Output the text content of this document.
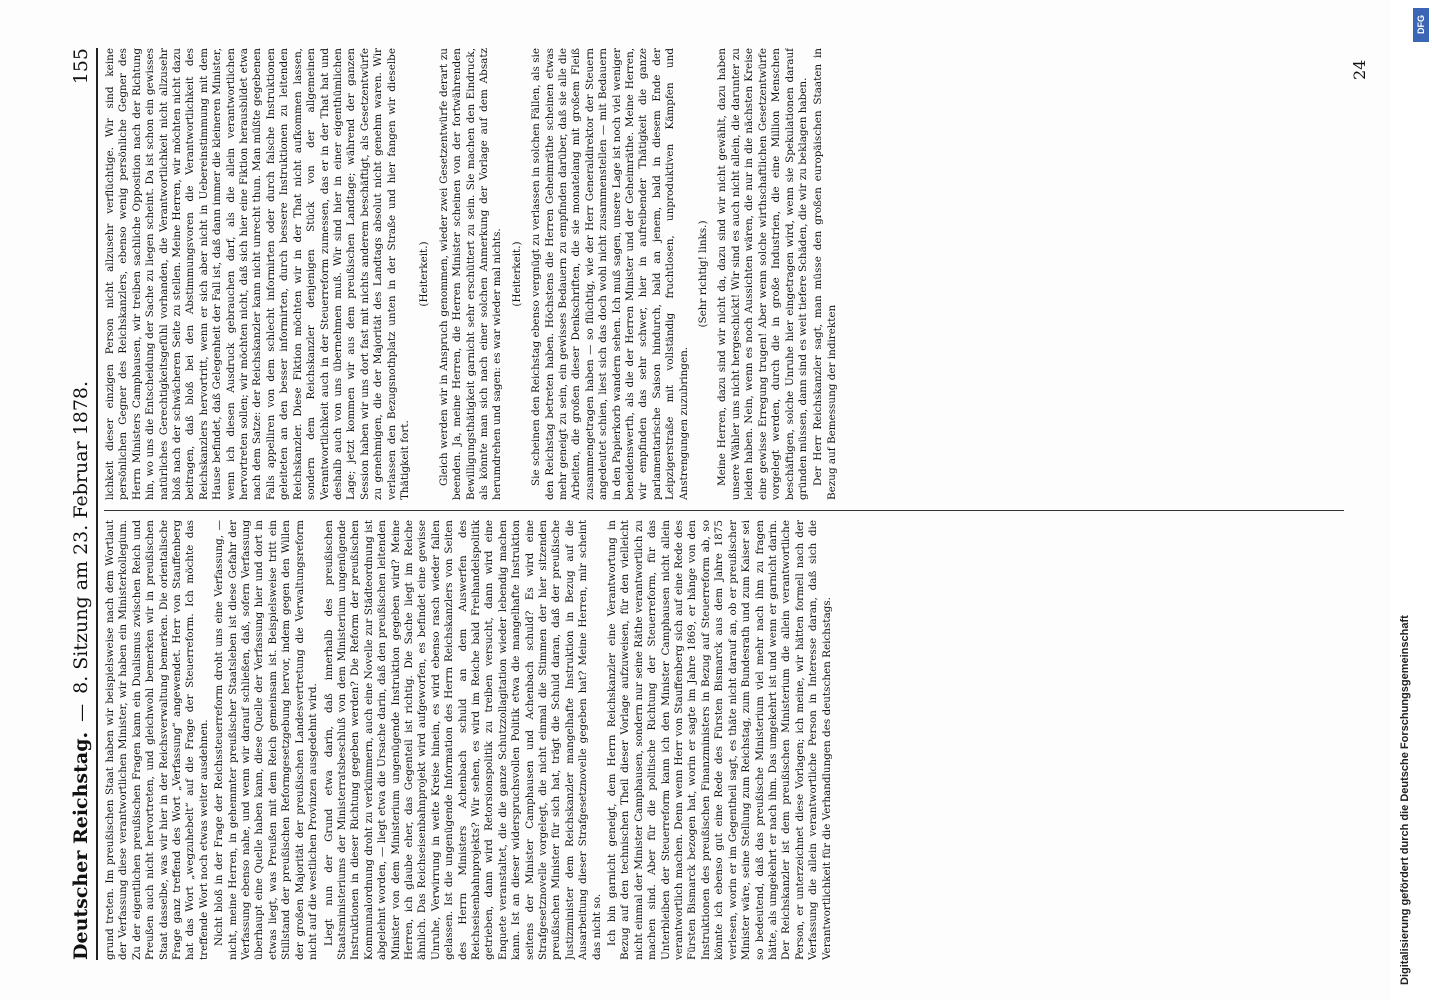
Deutscher Reichstag.
—
8. Sitzung am 23. Februar 1878.
155

grund treten. Im preußischen Staat haben wir beispielsweise nach dem Wortlaut der Verfassung diese verantwortlichen Minister, wir haben ein Ministerkollegium. Zu der eigentlichen preußischen Fragen kann ein Dualismus zwischen Reich und Preußen auch nicht hervortreten, und gleichwohl bemerken wir in preußischen Staat dasselbe, was wir hier in der Reichsverwaltung bemerken. Die orientalische Frage ganz treffend des Wort „Verfassung“ angewendet. Herr von Stauffenberg hat das Wort „wegzuhebelt“ auf die Frage der Steuerreform. Ich möchte das treffende Wort noch etwas weiter ausdehnen. Nicht bloß in der Frage der Reichssteuerreform droht uns eine Verfassung, — nicht, meine Herren, in gehemmter preußischer Staatsleben ist diese Gefahr der Verfassung ebenso nahe, und wenn wir darauf schließen, daß, sofern Verfassung überhaupt eine Quelle haben kann, diese Quelle der Verfassung hier und dort in etwas liegt, was Preußen mit dem Reich gemeinsam ist. Beispielsweise tritt ein Stillstand der preußischen Reformgesetzgebung hervor, indem gegen den Willen der großen Majorität der preußischen Landesvertretung die Verwaltungsreform nicht auf die westlichen Provinzen ausgedehnt wird. Liegt nun der Grund etwa darin, daß innerhalb des preußischen Staatsministeriums der Ministerratsbeschluß von dem Ministerium ungenügende Instruktionen in dieser Richtung gegeben werden? Die Reform der preußischen Kommunalordnung droht zu verkümmern, auch eine Novelle zur Städteordnung ist abgelehnt worden, — liegt etwa die Ursache darin, daß den preußischen leitenden Minister von dem Ministerium ungenügende Instruktion gegeben wird? Meine Herren, ich glaube eher, das Gegenteil ist richtig. Die Sache liegt im Reiche ähnlich. Das Reichseisenbahnprojekt wird aufgeworfen, es befindet eine gewisse Unruhe, Verwirrung in weite Kreise hinein, es wird ebenso rasch wieder fallen gelassen. Ist die ungenügende Information des Herrn Reichskanzlers von Seiten des Herrn Ministers Achenbach schuld an dem Auswerfen des Reichseisenbahnprojekts? Wir sehen, es wird im Reiche bald Freihandelspolitik getrieben, dann wird Retorsionspolitik zu treiben versucht, dann wird eine Enquete veranstaltet, die die ganze Schutzzollagitation wieder lebendig machen kann. Ist an dieser widerspruchsvollen Politik etwa die mangelhafte Instruktion seitens der Minister Camphausen und Achenbach schuld? Es wird eine Strafgesetznovelle vorgelegt, die nicht einmal die Stimmen der hier sitzenden preußischen Minister für sich hat, trägt die Schuld daran, daß der preußische Justizminister dem Reichskanzler mangelhafte Instruktion in Bezug auf die Ausarbeitung dieser Strafgesetznovelle gegeben hat? Meine Herren, mir scheint das nicht so. Ich bin garnicht geneigt, dem Herrn Reichskanzler eine Verantwortung in Bezug auf den technischen Theil dieser Vorlage aufzuweisen, für den vielleicht nicht einmal der Minister Camphausen, sondern nur seine Räthe verantwortlich zu machen sind. Aber für die politische Richtung der Steuerreform, für das Unterbleiben der Steuerreform kann ich den Minister Camphausen nicht allein verantwortlich machen. Denn wenn Herr von Stauffenberg sich auf eine Rede des Fürsten Bismarck bezogen hat, worin er sagte im Jahre 1869, er hänge von den Instruktionen des preußischen Finanzministers in Bezug auf Steuerreform ab, so könnte ich ebenso gut eine Rede des Fürsten Bismarck aus dem Jahre 1875 verlesen, worin er im Gegentheil sagt, es thäte nicht darauf an, ob er preußischer Minister wäre, seine Stellung zum Reichstag, zum Bundesrath und zum Kaiser sei so bedeutend, daß das preußische Ministerium viel mehr nach ihm zu fragen hätte, als umgekehrt er nach ihm. Das umgekehrt ist und wenn er garnicht darin. Der Reichskanzler ist dem preußischen Ministerium die allein verantwortliche Person, er unterzeichnet diese Vorlagen; ich meine, wir hätten formell nach der Verfassung die allein verantwortliche Person in Interesse daran, daß sich die Verantwortlichkeit für die Verhandlungen des deutschen Reichstags.

lichkeit dieser einzigen Person nicht allzusehr verflüchtige. Wir sind keine persönlichen Gegner des Reichskanzlers, ebenso wenig persönliche Gegner des Herrn Ministers Camphausen, wir treiben sachliche Opposition nach der Richtung hin, wo uns die Entscheidung der Sache zu liegen scheint. Da ist schon ein gewisses natürliches Gerechtigkeitsgefühl vorhanden, die Verantwortlichkeit nicht allzusehr bloß nach der schwächeren Seite zu stellen. Meine Herren, wir möchten nicht dazu beitragen, daß bloß bei den Abstimmungsvoren die Verantwortlichkeit des Reichskanzlers hervortritt, wenn er sich aber nicht in Uebereinstimmung mit dem Hause befindet, daß Gelegenheit der Fall ist, daß dann immer die kleineren Minister, wenn ich diesen Ausdruck gebrauchen darf, als die allein verantwortlichen hervortreten sollen; wir möchten nicht, daß sich hier eine Fiktion herausbildet etwa nach dem Satze: der Reichskanzler kann nicht unrecht thun. Man müßte gegebenen Falls appelliren von dem schlecht informirten oder durch falsche Instruktionen geleiteten an den besser informirten, durch bessere Instruktionen zu leitenden Reichskanzler. Diese Fiktion möchten wir in der That nicht aufkommen lassen, sondern dem Reichskanzler denjenigen Stück von der allgemeinen Verantwortlichkeit auch in der Steuerreform zumessen, das er in der That hat und deshalb auch von uns übernehmen muß. Wir sind hier in einer eigenthümlichen Lage; jetzt kommen wir aus dem preußischen Landtage; während der ganzen Session haben wir uns dort fast mit nichts anderem beschäftigt, als Gesetzentwürfe zu genehmigen, die der Majorität des Landtags absolut nicht genehm waren. Wir verlassen den Bezugsnothplatz unten in der Straße und hier fangen wir dieselbe Thätigkeit fort.

(Heiterkeit.) Gleich werden wir in Anspruch genommen, wieder zwei Gesetzentwürfe derart zu beenden. Ja, meine Herren, die Herren Minister scheinen von der fortwährenden Bewilligungsthätigkeit garnicht sehr erschüttert zu sein. Sie machen den Eindruck, als könnte man sich nach einer solchen Anmerkung der Vorlage auf dem Absatz herumdrehen und sagen: es war wieder mal nichts. (Heiterkeit.) Sie scheinen den Reichstag ebenso vergnügt zu verlassen in solchen Fällen, als sie den Reichstag betreten haben. Höchstens die Herren Geheimräthe scheinen etwas mehr geneigt zu sein, ein gewisses Bedauern zu empfinden darüber, daß sie alle die Arbeiten, die großen dieser Denkschriften, die sie monatelang mit großem Fleiß zusammengetragen haben — so flüchtig, wie der Herr Generaldirektor der Steuern angedeutet schien, liest sich das doch wohl nicht zusammenstellen — mit Bedauern in den Papierkorb wandern sehen. Ich muß sagen, unsere Lage ist noch viel weniger beneidenswerth, als die der Herren Minister und der Geheimräthe. Meine Herren, wir empfinden das sehr schwer, hier in aufreibender Thätigkeit die ganze parlamentarische Saison hindurch, bald an jenem, bald in diesem Ende der Leipzigerstraße mit vollständig fruchtlosen, unproduktiven Kämpfen und Anstrengungen zuzubringen.

(Sehr richtig! links.) Meine Herren, dazu sind wir nicht da, dazu sind wir nicht gewählt, dazu haben unsere Wähler uns nicht hergeschickt! Wir sind es auch nicht allein, die darunter zu leiden haben. Nein, wenn es noch Aussichten wären, die nur in die nächsten Kreise eine gewisse Erregung trugen! Aber wenn solche wirthschaftlichen Gesetzentwürfe vorgelegt werden, durch die in große Industrien, die eine Million Menschen beschäftigen, solche Unruhe hier eingetragen wird, wenn sie Spekulationen darauf gründen müssen, dann sind es weit tiefere Schäden, die wir zu beklagen haben. Der Herr Reichskanzler sagt, man müsse den großen europäischen Staaten in Bezug auf Bemessung der indirekten

24
Digitalisierung gefördert durch die Deutsche Forschungsgemeinschaft
DFG
